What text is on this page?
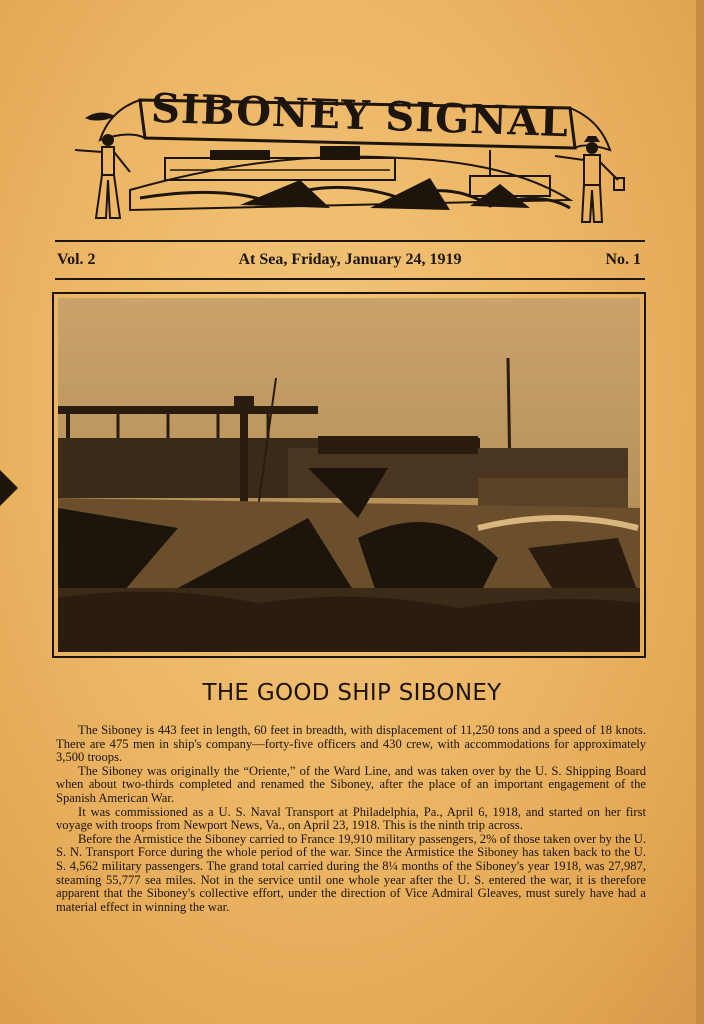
SIBONEY SIGNAL
At Sea, Friday, January 24, 1919
Vol. 2	No. 1
THE GOOD SHIP SIBONEY

The Siboney is 443 feet in length, 60 feet in breadth, with displacement of 11,250 tons and a speed of 18 knots. There are 475 men in ship's company—forty-five officers and 430 crew, with accommodations for approximately 3,500 troops.

The Siboney was originally the “Oriente,” of the Ward Line, and was taken over by the U. S. Shipping Board when about two-thirds completed and renamed the Siboney, after the place of an important engagement of the Spanish American War.

It was commissioned as a U. S. Naval Transport at Philadelphia, Pa., April 6, 1918, and started on her first voyage with troops from Newport News, Va., on April 23, 1918. This is the ninth trip across.

Before the Armistice the Siboney carried to France 19,910 military passengers, 2% of those taken over by the U. S. N. Transport Force during the whole period of the war. Since the Armistice the Siboney has taken back to the U. S. 4,562 military passengers. The grand total carried during the 8¼ months of the Siboney's year 1918, was 27,987, steaming 55,777 sea miles. Not in the service until one whole year after the U. S. entered the war, it is therefore apparent that the Siboney's collective effort, under the direction of Vice Admiral Gleaves, must surely have had a material effect in winning the war.
